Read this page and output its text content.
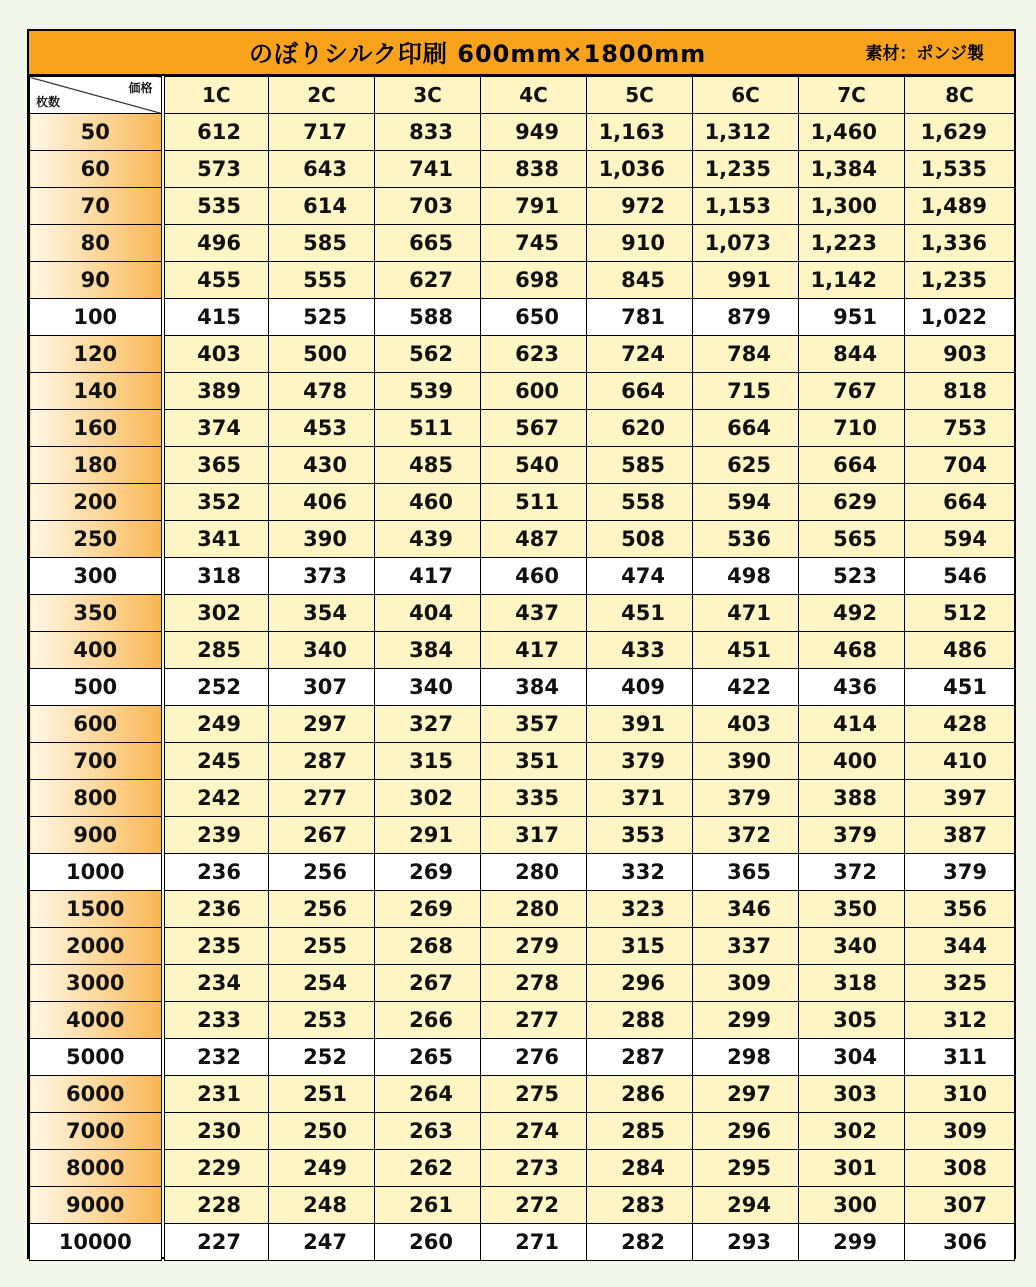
のぼりシルク印刷 600mm×1800mm	素材：ポンジ製
枚数
価格	1C	2C	3C	4C	5C	6C	7C	8C
50	612	717	833	949	1,163	1,312	1,460	1,629
60	573	643	741	838	1,036	1,235	1,384	1,535
70	535	614	703	791	972	1,153	1,300	1,489
80	496	585	665	745	910	1,073	1,223	1,336
90	455	555	627	698	845	991	1,142	1,235
100	415	525	588	650	781	879	951	1,022
120	403	500	562	623	724	784	844	903
140	389	478	539	600	664	715	767	818
160	374	453	511	567	620	664	710	753
180	365	430	485	540	585	625	664	704
200	352	406	460	511	558	594	629	664
250	341	390	439	487	508	536	565	594
300	318	373	417	460	474	498	523	546
350	302	354	404	437	451	471	492	512
400	285	340	384	417	433	451	468	486
500	252	307	340	384	409	422	436	451
600	249	297	327	357	391	403	414	428
700	245	287	315	351	379	390	400	410
800	242	277	302	335	371	379	388	397
900	239	267	291	317	353	372	379	387
1000	236	256	269	280	332	365	372	379
1500	236	256	269	280	323	346	350	356
2000	235	255	268	279	315	337	340	344
3000	234	254	267	278	296	309	318	325
4000	233	253	266	277	288	299	305	312
5000	232	252	265	276	287	298	304	311
6000	231	251	264	275	286	297	303	310
7000	230	250	263	274	285	296	302	309
8000	229	249	262	273	284	295	301	308
9000	228	248	261	272	283	294	300	307
10000	227	247	260	271	282	293	299	306
